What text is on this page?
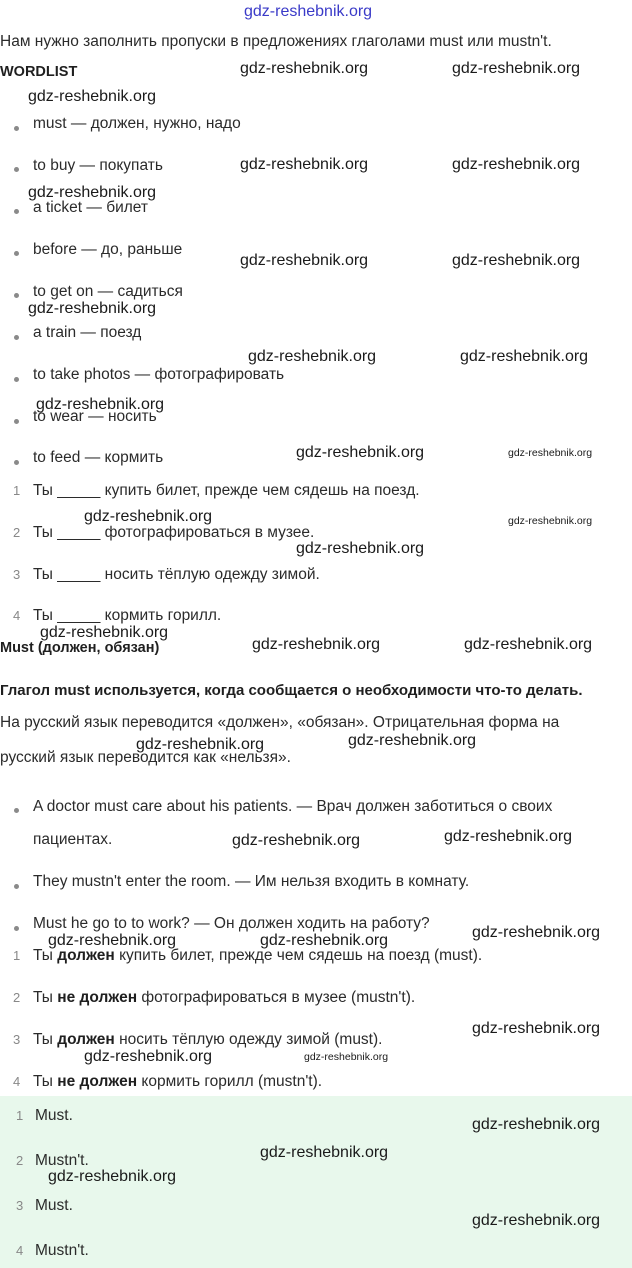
gdz-reshebnik.org
Нам нужно заполнить пропуски в предложениях глаголами must или mustn't.
WORDLIST
must — должен, нужно, надо
to buy — покупать
a ticket — билет
before — до, раньше
to get on — садиться
a train — поезд
to take photos — фотографировать
to wear — носить
to feed — кормить
1 Ты _____ купить билет, прежде чем сядешь на поезд.
2 Ты _____ фотографироваться в музее.
3 Ты _____ носить тёплую одежду зимой.
4 Ты _____ кормить горилл.
Must (должен, обязан)
Глагол must используется, когда сообщается о необходимости что-то делать.
На русский язык переводится «должен», «обязан». Отрицательная форма на
русский язык переводится как «нельзя».
A doctor must care about his patients. — Врач должен заботиться о своих
пациентах.
They mustn't enter the room. — Им нельзя входить в комнату.
Must he go to to work? — Он должен ходить на работу?
1 Ты должен купить билет, прежде чем сядешь на поезд (must).
2 Ты не должен фотографироваться в музее (mustn't).
3 Ты должен носить тёплую одежду зимой (must).
4 Ты не должен кормить горилл (mustn't).
1 Must.
2 Mustn't.
3 Must.
4 Mustn't.
gdz-reshebnik.org	gdz-reshebnik.org
gdz-reshebnik.org
gdz-reshebnik.org	gdz-reshebnik.org
gdz-reshebnik.org
gdz-reshebnik.org	gdz-reshebnik.org
gdz-reshebnik.org
gdz-reshebnik.org	gdz-reshebnik.org
gdz-reshebnik.org
gdz-reshebnik.org	gdz-reshebnik.org
gdz-reshebnik.org	gdz-reshebnik.org
gdz-reshebnik.org
gdz-reshebnik.org
gdz-reshebnik.org	gdz-reshebnik.org
gdz-reshebnik.org	gdz-reshebnik.org
gdz-reshebnik.org	gdz-reshebnik.org
gdz-reshebnik.org	gdz-reshebnik.org	gdz-reshebnik.org
gdz-reshebnik.org
gdz-reshebnik.org	gdz-reshebnik.org
gdz-reshebnik.org
gdz-reshebnik.org
gdz-reshebnik.org
gdz-reshebnik.org
